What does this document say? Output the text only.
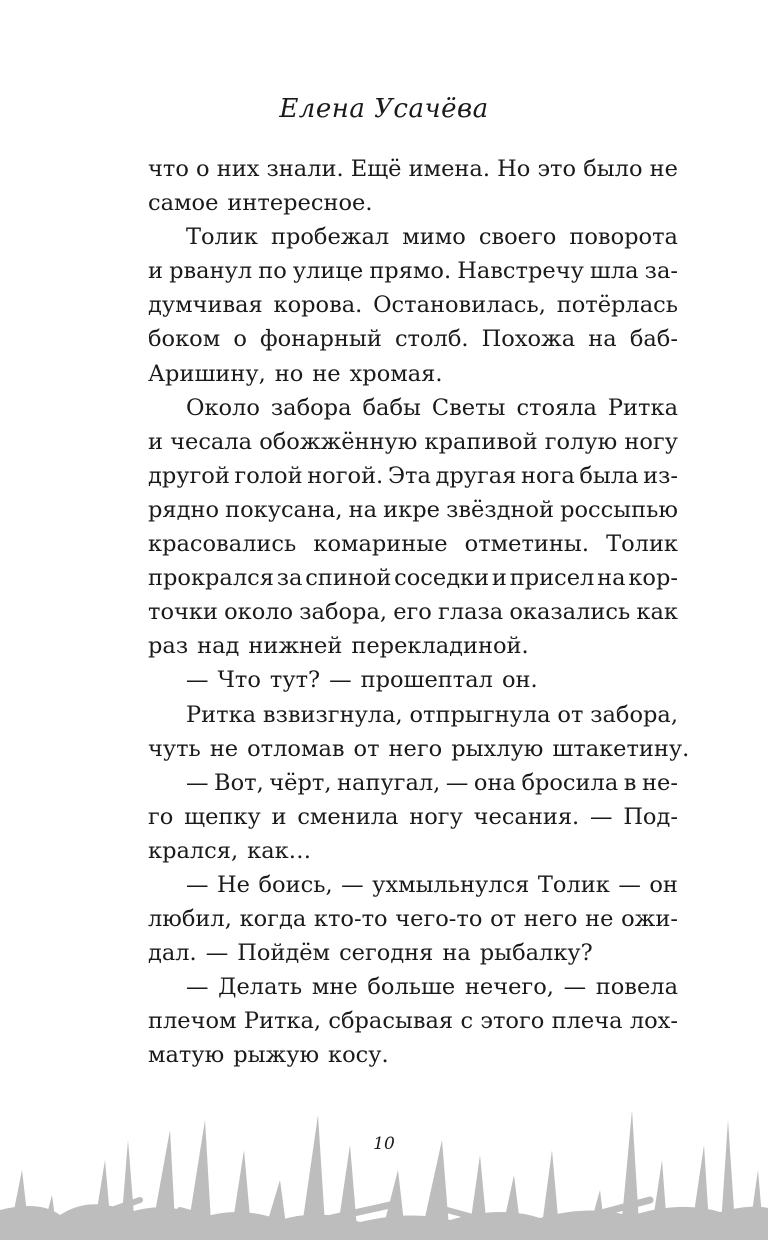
Елена Усачёва
что о них знали. Ещё имена. Но это было не
самое интересное.
Толик пробежал мимо своего поворота
и рванул по улице прямо. Навстречу шла за-
думчивая корова. Остановилась, потёрлась
боком о фонарный столб. Похожа на баб-
Аришину, но не хромая.
Около забора бабы Светы стояла Ритка
и чесала обожжённую крапивой голую ногу
другой голой ногой. Эта другая нога была из-
рядно покусана, на икре звёздной россыпью
красовались комариные отметины. Толик
прокрался за спиной соседки и присел на кор-
точки около забора, его глаза оказались как
раз над нижней перекладиной.
— Что тут? — прошептал он.
Ритка взвизгнула, отпрыгнула от забора,
чуть не отломав от него рыхлую штакетину.
— Вот, чёрт, напугал, — она бросила в не-
го щепку и сменила ногу чесания. — Под-
крался, как…
— Не боись, — ухмыльнулся Толик — он
любил, когда кто-то чего-то от него не ожи-
дал. — Пойдём сегодня на рыбалку?
— Делать мне больше нечего, — повела
плечом Ритка, сбрасывая с этого плеча лох-
матую рыжую косу.
10
